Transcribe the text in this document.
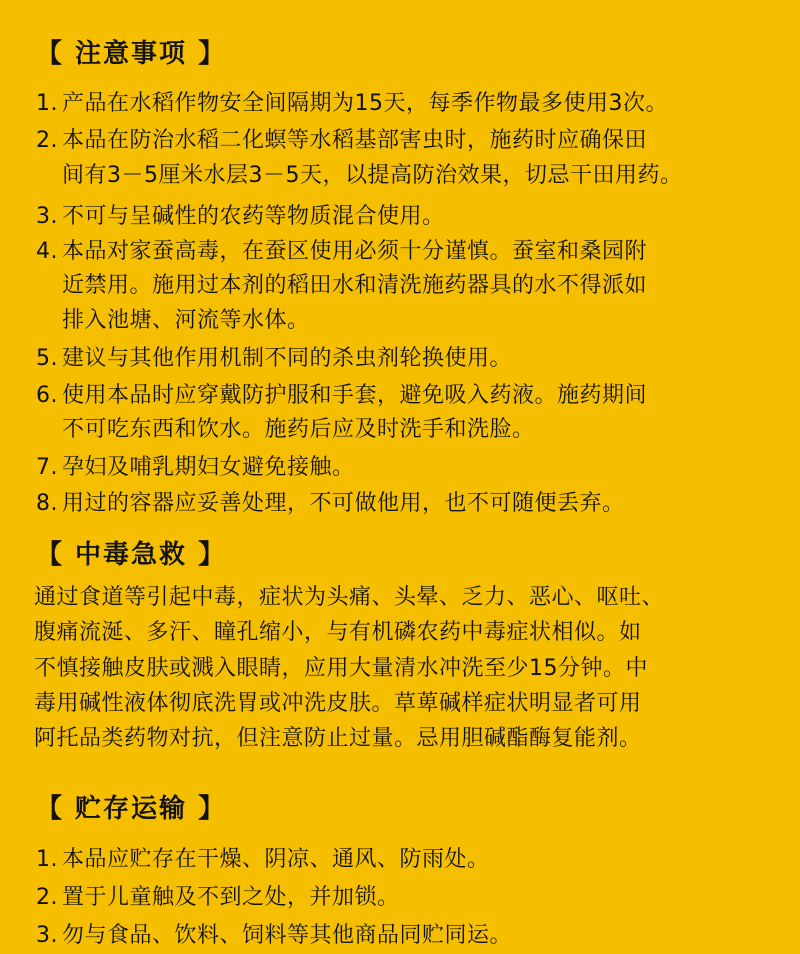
【 注意事项 】
1. 产品在水稻作物安全间隔期为15天，每季作物最多使用3次。
2. 本品在防治水稻二化螟等水稻基部害虫时，施药时应确保田
间有3－5厘米水层3－5天，以提高防治效果，切忌干田用药。
3. 不可与呈碱性的农药等物质混合使用。
4. 本品对家蚕高毒，在蚕区使用必须十分谨慎。蚕室和桑园附
近禁用。施用过本剂的稻田水和清洗施药器具的水不得派如
排入池塘、河流等水体。
5. 建议与其他作用机制不同的杀虫剂轮换使用。
6. 使用本品时应穿戴防护服和手套，避免吸入药液。施药期间
不可吃东西和饮水。施药后应及时洗手和洗脸。
7. 孕妇及哺乳期妇女避免接触。
8. 用过的容器应妥善处理，不可做他用，也不可随便丢弃。
【 中毒急救 】
通过食道等引起中毒，症状为头痛、头晕、乏力、恶心、呕吐、
腹痛流涎、多汗、瞳孔缩小，与有机磷农药中毒症状相似。如
不慎接触皮肤或溅入眼睛，应用大量清水冲洗至少15分钟。中
毒用碱性液体彻底洗胃或冲洗皮肤。草萆碱样症状明显者可用
阿托品类药物对抗，但注意防止过量。忌用胆碱酯酶复能剂。
【 贮存运输 】
1. 本品应贮存在干燥、阴凉、通风、防雨处。
2. 置于儿童触及不到之处，并加锁。
3. 勿与食品、饮料、饲料等其他商品同贮同运。
